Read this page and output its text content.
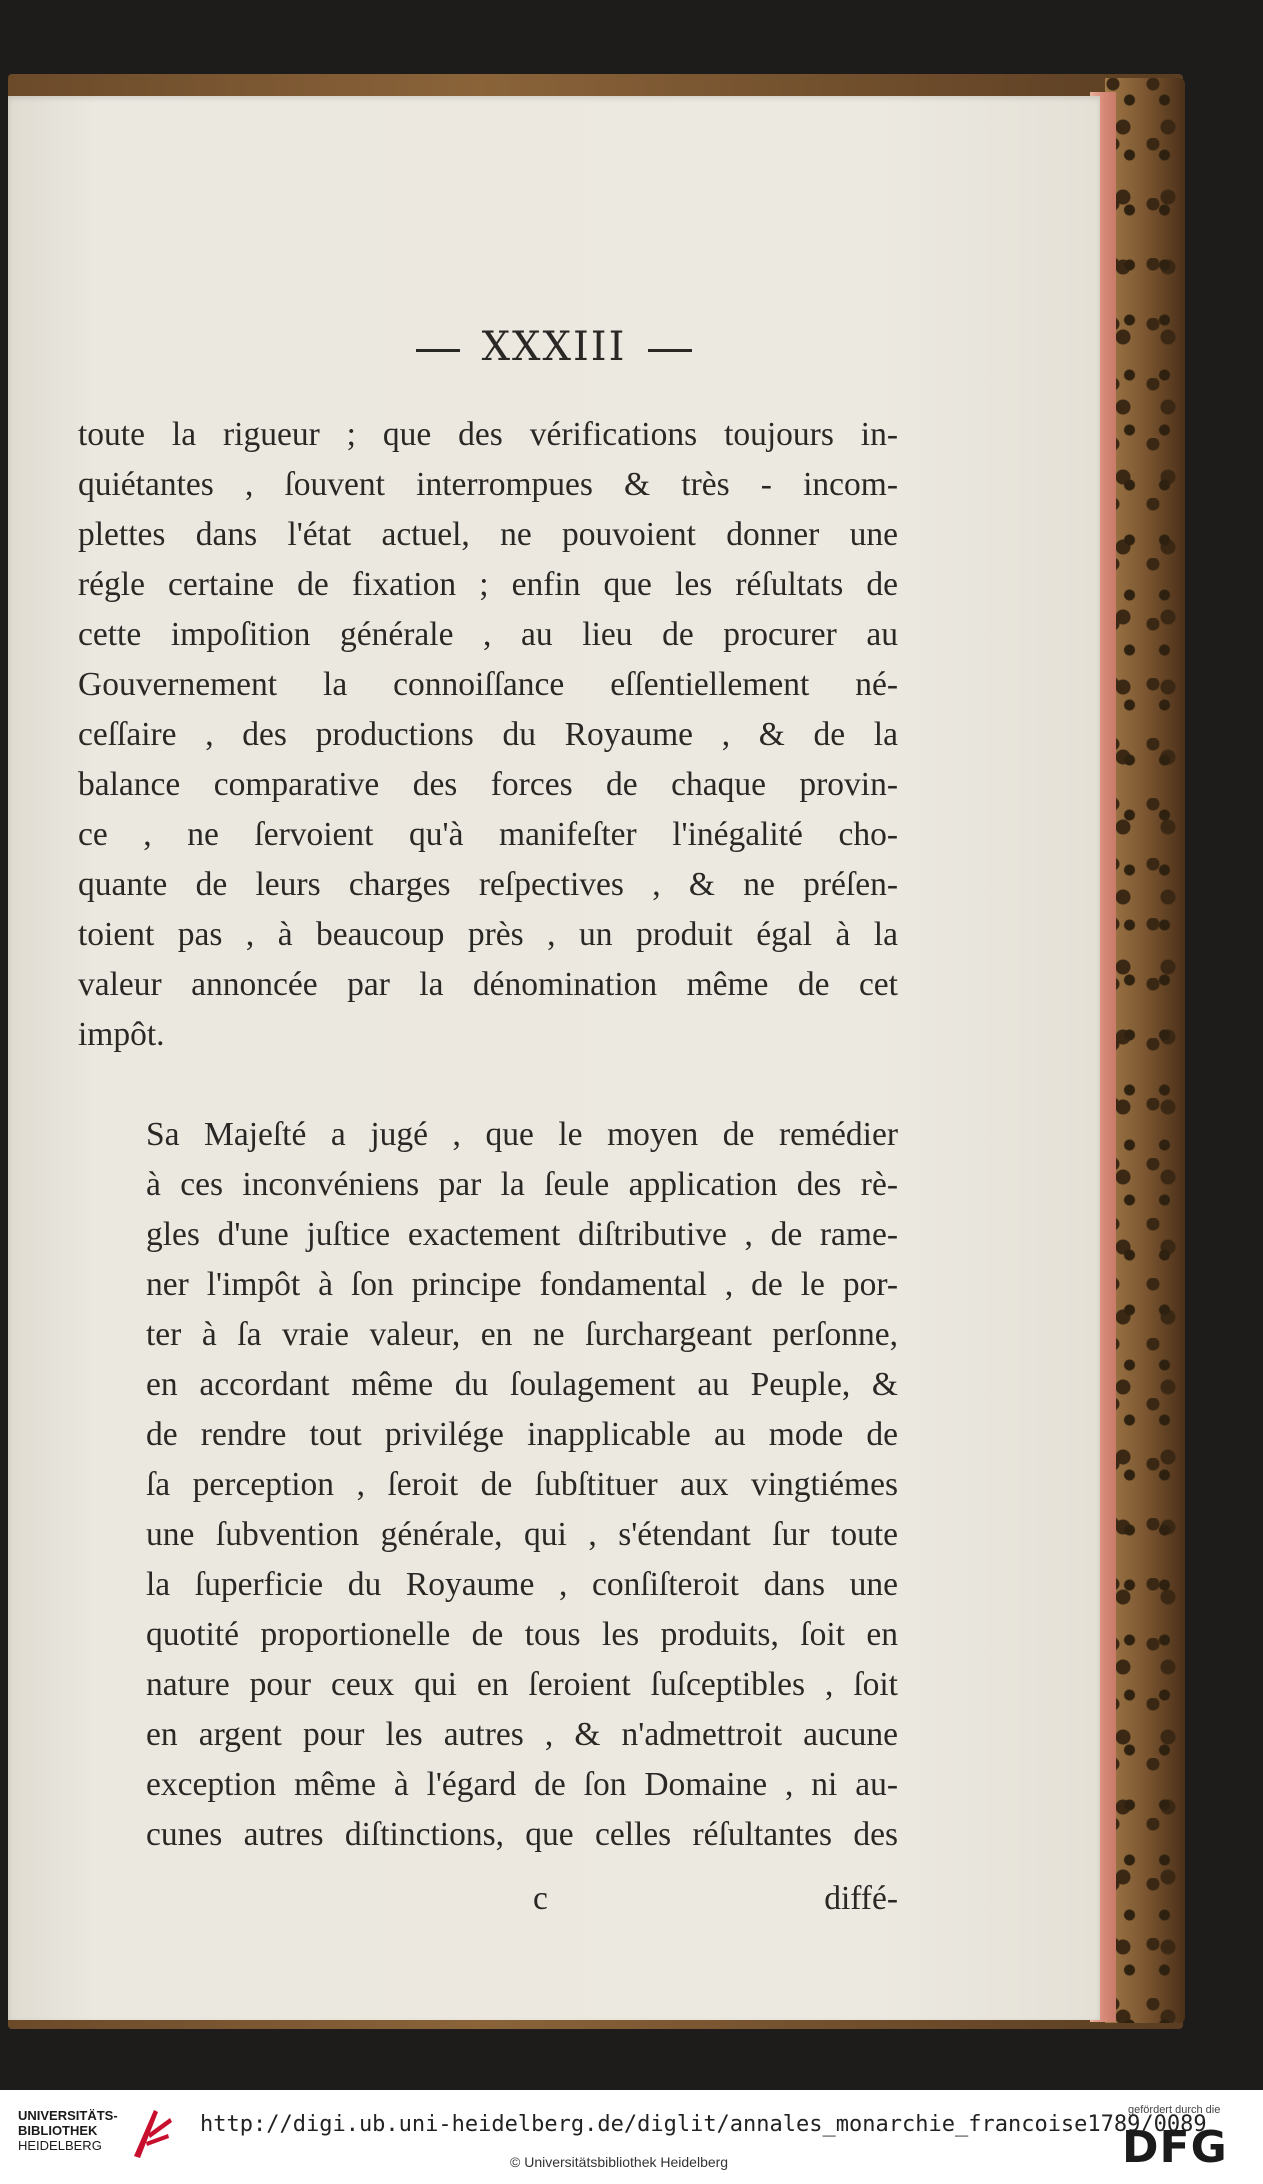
XXXIII

toute la rigueur ; que des vérifications toujours in-
quiétantes , ſouvent interrompues & très - incom-
plettes dans l'état actuel, ne pouvoient donner une
régle certaine de fixation ; enfin que les réſultats de
cette impoſition générale , au lieu de procurer au
Gouvernement la connoiſſance eſſentiellement né-
ceſſaire , des productions du Royaume , & de la
balance comparative des forces de chaque provin-
ce , ne ſervoient qu'à manifeſter l'inégalité cho-
quante de leurs charges reſpectives , & ne préſen-
toient pas , à beaucoup près , un produit égal à la
valeur annoncée par la dénomination même de cet
impôt.

Sa Majeſté a jugé , que le moyen de remédier
à ces inconvéniens par la ſeule application des rè-
gles d'une juſtice exactement diſtributive , de rame-
ner l'impôt à ſon principe fondamental , de le por-
ter à ſa vraie valeur, en ne ſurchargeant perſonne,
en accordant même du ſoulagement au Peuple, &
de rendre tout privilége inapplicable au mode de
ſa perception , ſeroit de ſubſtituer aux vingtiémes
une ſubvention générale, qui , s'étendant ſur toute
la ſuperficie du Royaume , conſiſteroit dans une
quotité proportionelle de tous les produits, ſoit en
nature pour ceux qui en ſeroient ſuſceptibles , ſoit
en argent pour les autres , & n'admettroit aucune
exception même à l'égard de ſon Domaine , ni au-
cunes autres diſtinctions, que celles réſultantes des

c	diffé-
UNIVERSITÄTS-
BIBLIOTHEK
HEIDELBERG
http://digi.ub.uni-heidelberg.de/diglit/annales_monarchie_francoise1789/0089
© Universitätsbibliothek Heidelberg
gefördert durch die
DFG
